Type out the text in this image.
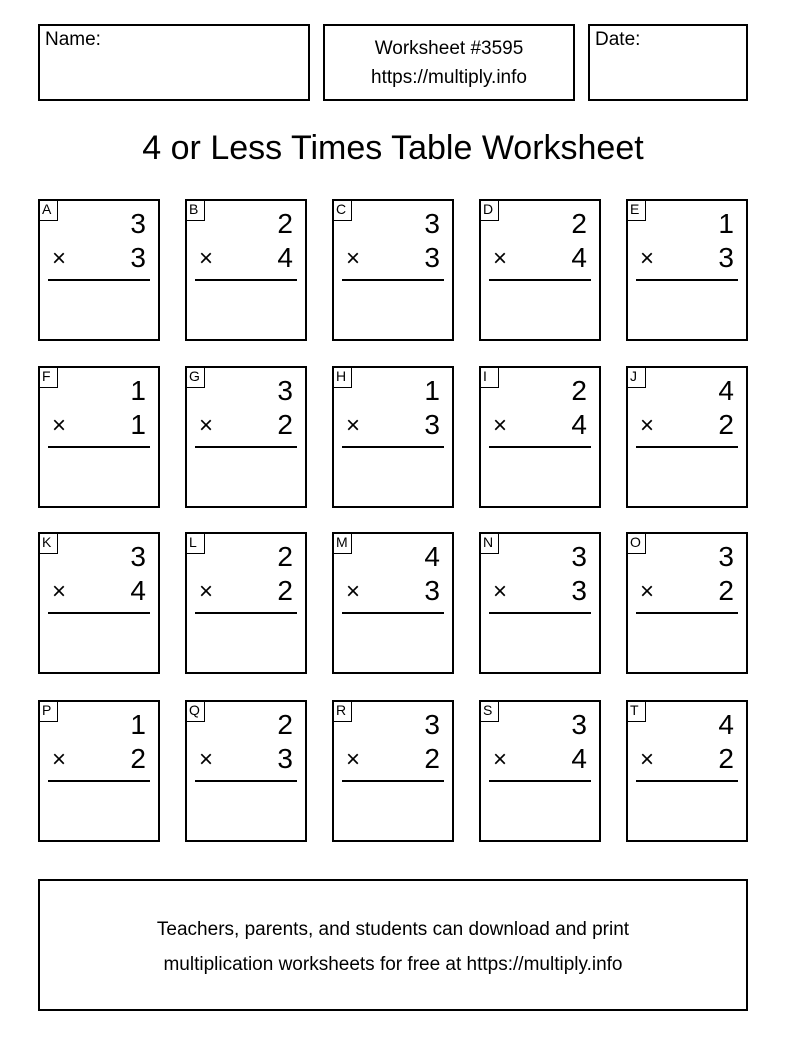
Name:	Worksheet #3595
https://multiply.info
Date:
4 or Less Times Table Worksheet
A	3
× 3
B	2
× 4
C	3
× 3
D	2
× 4
E	1
× 3
F	1
× 1
G	3
× 2
H	1
× 3
I	2
× 4
J	4
× 2
K	3
× 4
L	2
× 2
M	4
× 3
N	3
× 3
O	3
× 2
P	1
× 2
Q	2
× 3
R	3
× 2
S	3
× 4
T	4
× 2
Teachers, parents, and students can download and print
multiplication worksheets for free at https://multiply.info
